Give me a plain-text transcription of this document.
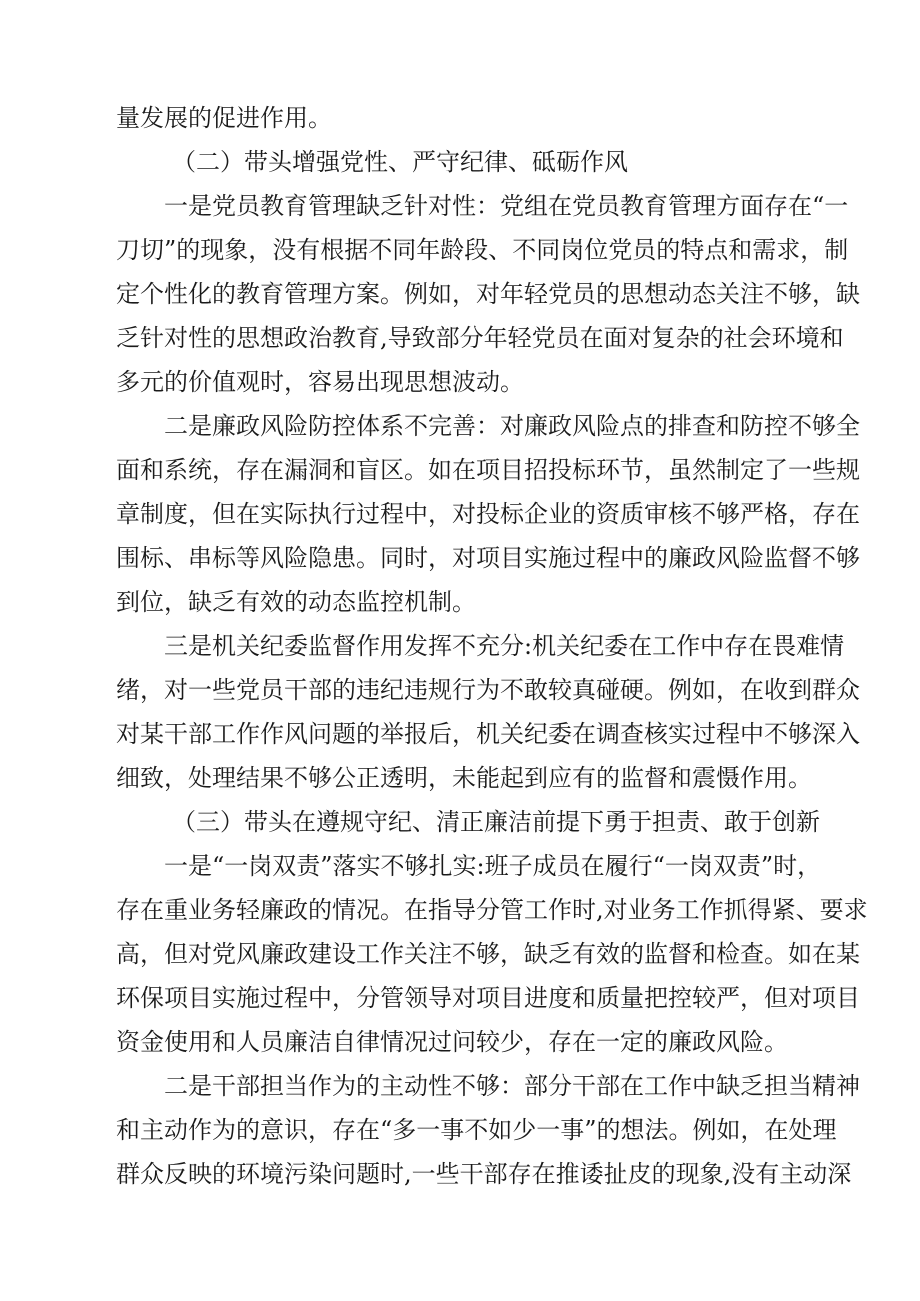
量发展的促进作用。
（二）带头增强党性、严守纪律、砥砺作风
一是党员教育管理缺乏针对性：党组在党员教育管理方面存在“一
刀切”的现象，没有根据不同年龄段、不同岗位党员的特点和需求，制
定个性化的教育管理方案。例如，对年轻党员的思想动态关注不够，缺
乏针对性的思想政治教育,导致部分年轻党员在面对复杂的社会环境和
多元的价值观时，容易出现思想波动。
二是廉政风险防控体系不完善：对廉政风险点的排查和防控不够全
面和系统，存在漏洞和盲区。如在项目招投标环节，虽然制定了一些规
章制度，但在实际执行过程中，对投标企业的资质审核不够严格，存在
围标、串标等风险隐患。同时，对项目实施过程中的廉政风险监督不够
到位，缺乏有效的动态监控机制。
三是机关纪委监督作用发挥不充分:机关纪委在工作中存在畏难情
绪，对一些党员干部的违纪违规行为不敢较真碰硬。例如，在收到群众
对某干部工作作风问题的举报后，机关纪委在调查核实过程中不够深入
细致，处理结果不够公正透明，未能起到应有的监督和震慑作用。
（三）带头在遵规守纪、清正廉洁前提下勇于担责、敢于创新
一是“一岗双责”落实不够扎实:班子成员在履行“一岗双责”时，
存在重业务轻廉政的情况。在指导分管工作时,对业务工作抓得紧、要求
高，但对党风廉政建设工作关注不够，缺乏有效的监督和检查。如在某
环保项目实施过程中，分管领导对项目进度和质量把控较严，但对项目
资金使用和人员廉洁自律情况过问较少，存在一定的廉政风险。
二是干部担当作为的主动性不够：部分干部在工作中缺乏担当精神
和主动作为的意识，存在“多一事不如少一事”的想法。例如，在处理
群众反映的环境污染问题时,一些干部存在推诿扯皮的现象,没有主动深
